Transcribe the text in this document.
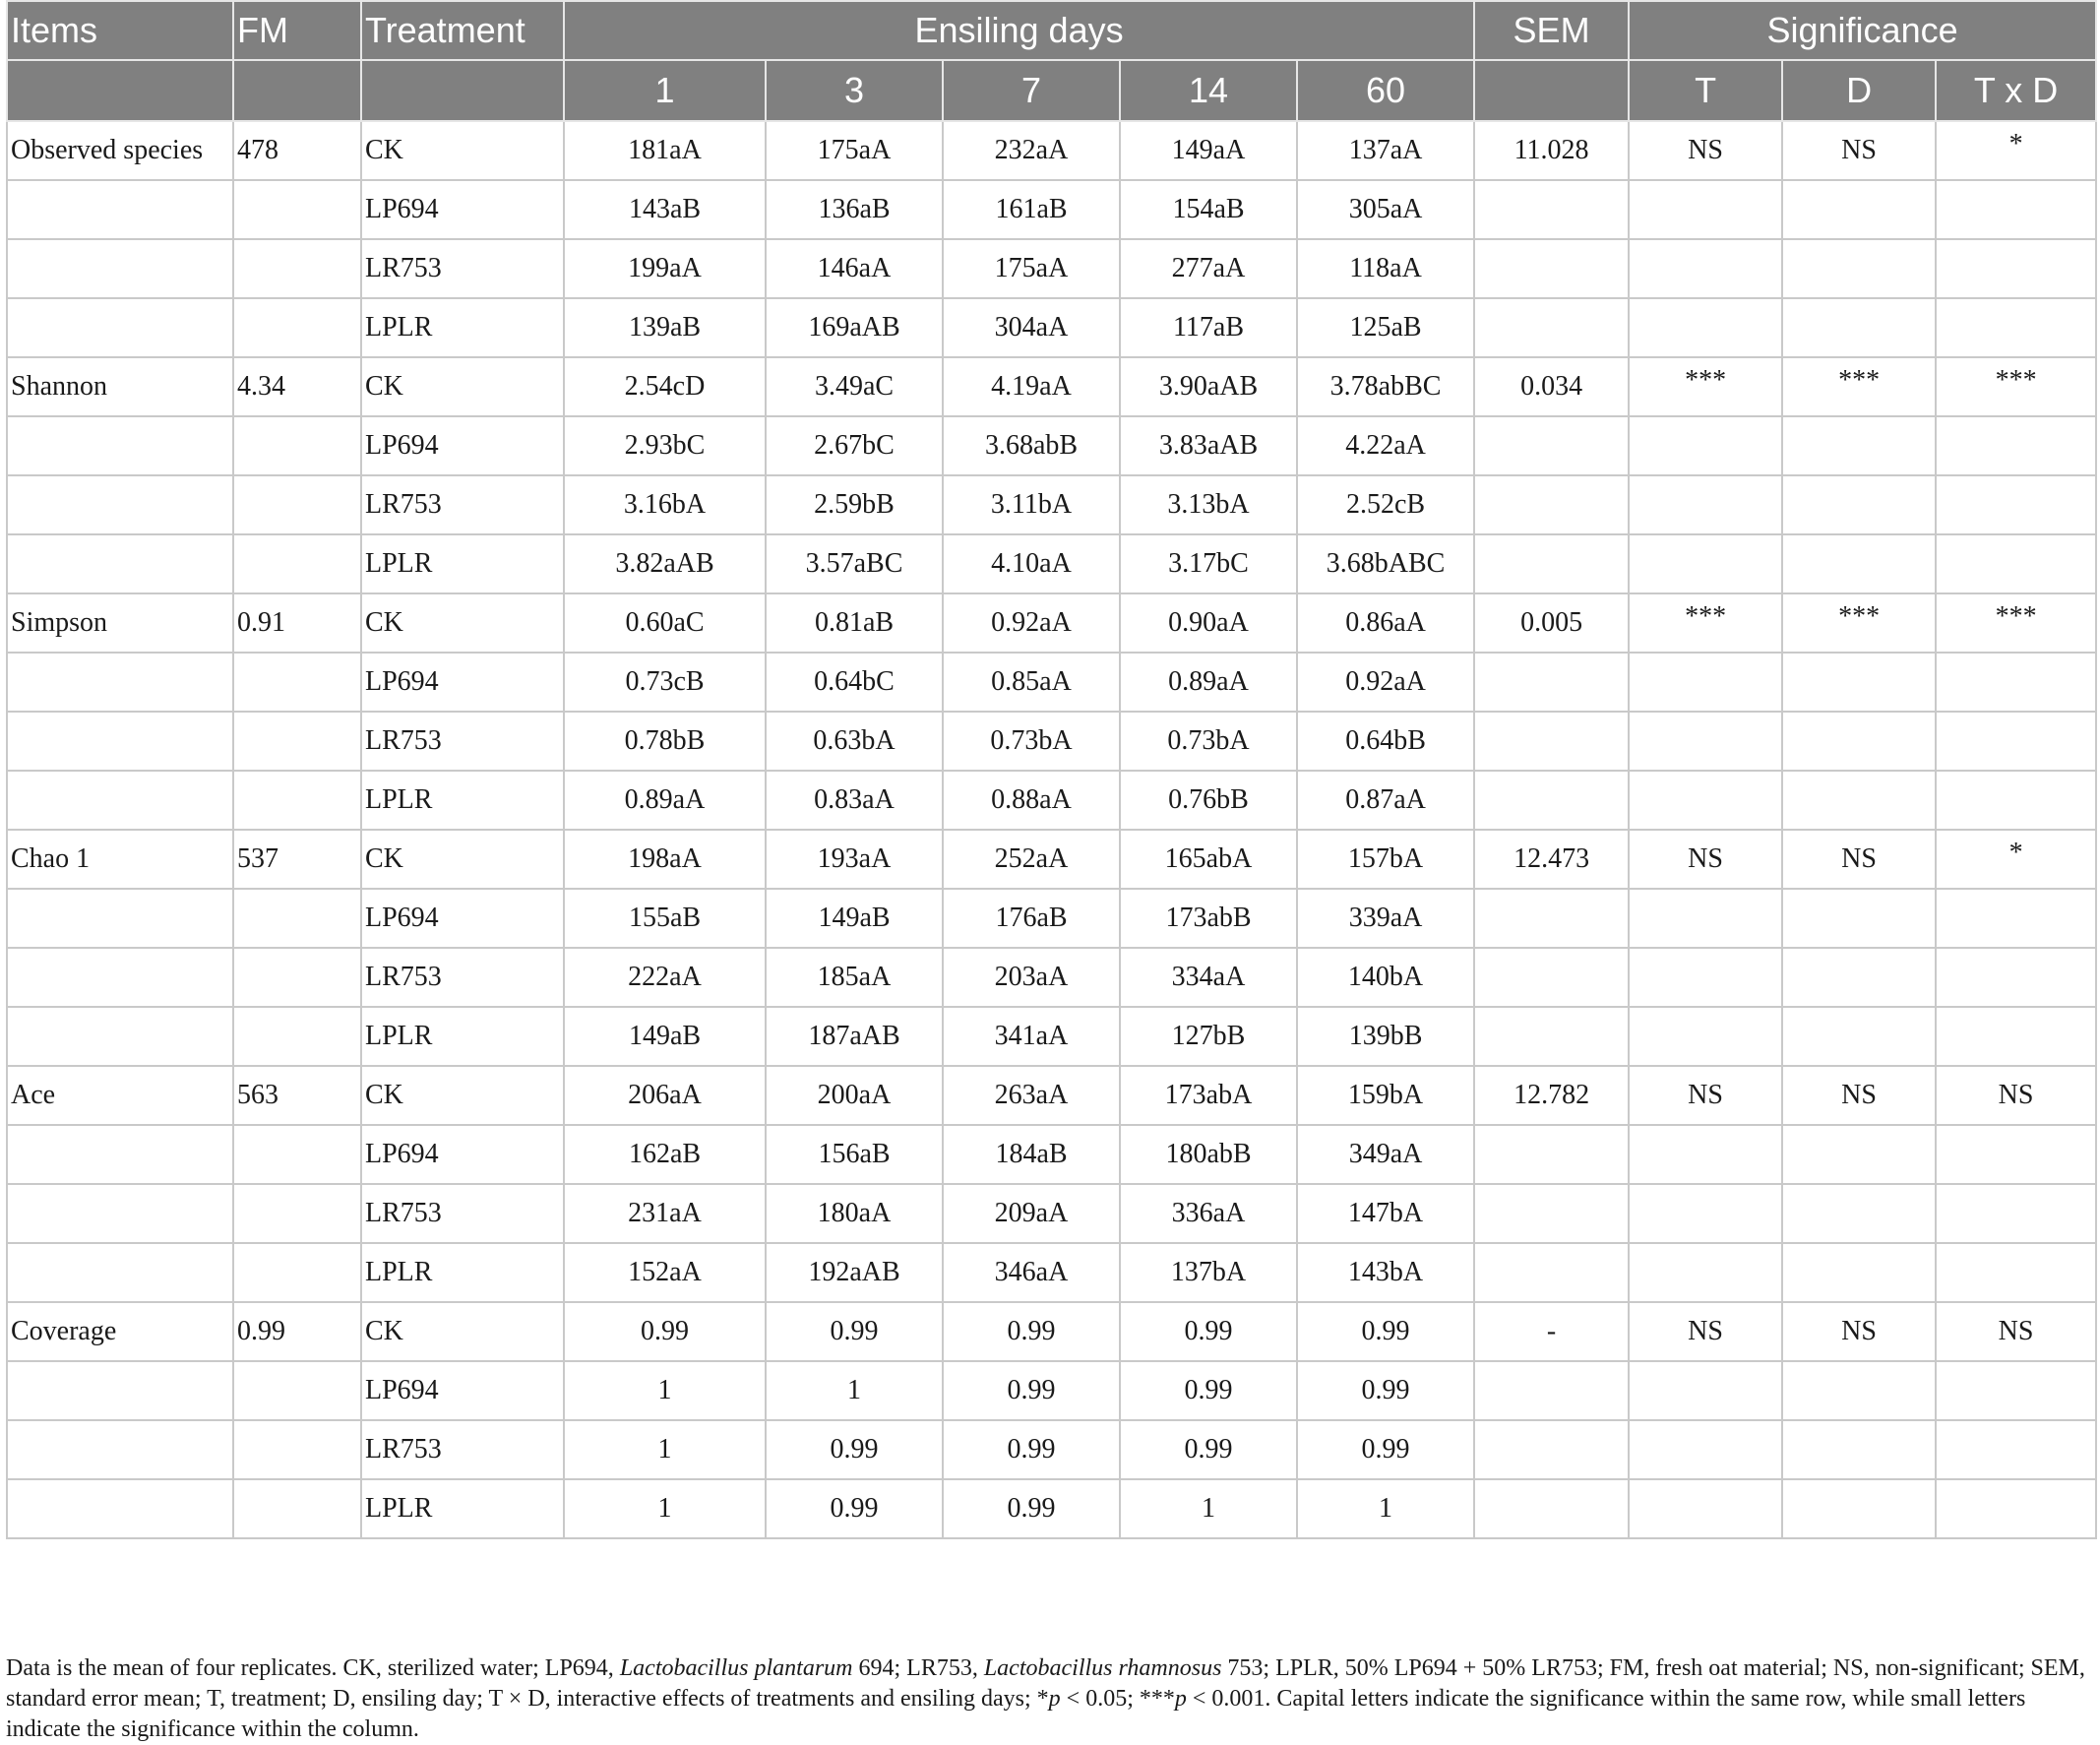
Items	FM	Treatment	Ensiling days					SEM	Significance		
			1	3	7	14	60		T	D	T x D
Observed species	478	CK	181aA	175aA	232aA	149aA	137aA	11.028	NS	NS	*
		LP694	143aB	136aB	161aB	154aB	305aA				
		LR753	199aA	146aA	175aA	277aA	118aA				
		LPLR	139aB	169aAB	304aA	117aB	125aB				
Shannon	4.34	CK	2.54cD	3.49aC	4.19aA	3.90aAB	3.78abBC	0.034	***	***	***
		LP694	2.93bC	2.67bC	3.68abB	3.83aAB	4.22aA				
		LR753	3.16bA	2.59bB	3.11bA	3.13bA	2.52cB				
		LPLR	3.82aAB	3.57aBC	4.10aA	3.17bC	3.68bABC				
Simpson	0.91	CK	0.60aC	0.81aB	0.92aA	0.90aA	0.86aA	0.005	***	***	***
		LP694	0.73cB	0.64bC	0.85aA	0.89aA	0.92aA				
		LR753	0.78bB	0.63bA	0.73bA	0.73bA	0.64bB				
		LPLR	0.89aA	0.83aA	0.88aA	0.76bB	0.87aA				
Chao 1	537	CK	198aA	193aA	252aA	165abA	157bA	12.473	NS	NS	*
		LP694	155aB	149aB	176aB	173abB	339aA				
		LR753	222aA	185aA	203aA	334aA	140bA				
		LPLR	149aB	187aAB	341aA	127bB	139bB				
Ace	563	CK	206aA	200aA	263aA	173abA	159bA	12.782	NS	NS	NS
		LP694	162aB	156aB	184aB	180abB	349aA				
		LR753	231aA	180aA	209aA	336aA	147bA				
		LPLR	152aA	192aAB	346aA	137bA	143bA				
Coverage	0.99	CK	0.99	0.99	0.99	0.99	0.99	-	NS	NS	NS
		LP694	1	1	0.99	0.99	0.99				
		LR753	1	0.99	0.99	0.99	0.99				
		LPLR	1	0.99	0.99	1	1				

Data is the mean of four replicates. CK, sterilized water; LP694, Lactobacillus plantarum 694; LR753, Lactobacillus rhamnosus 753; LPLR, 50% LP694 + 50% LR753; FM, fresh oat material; NS, non-significant; SEM, standard error mean; T, treatment; D, ensiling day; T × D, interactive effects of treatments and ensiling days; *p < 0.05; ***p < 0.001. Capital letters indicate the significance within the same row, while small letters indicate the significance within the column.
